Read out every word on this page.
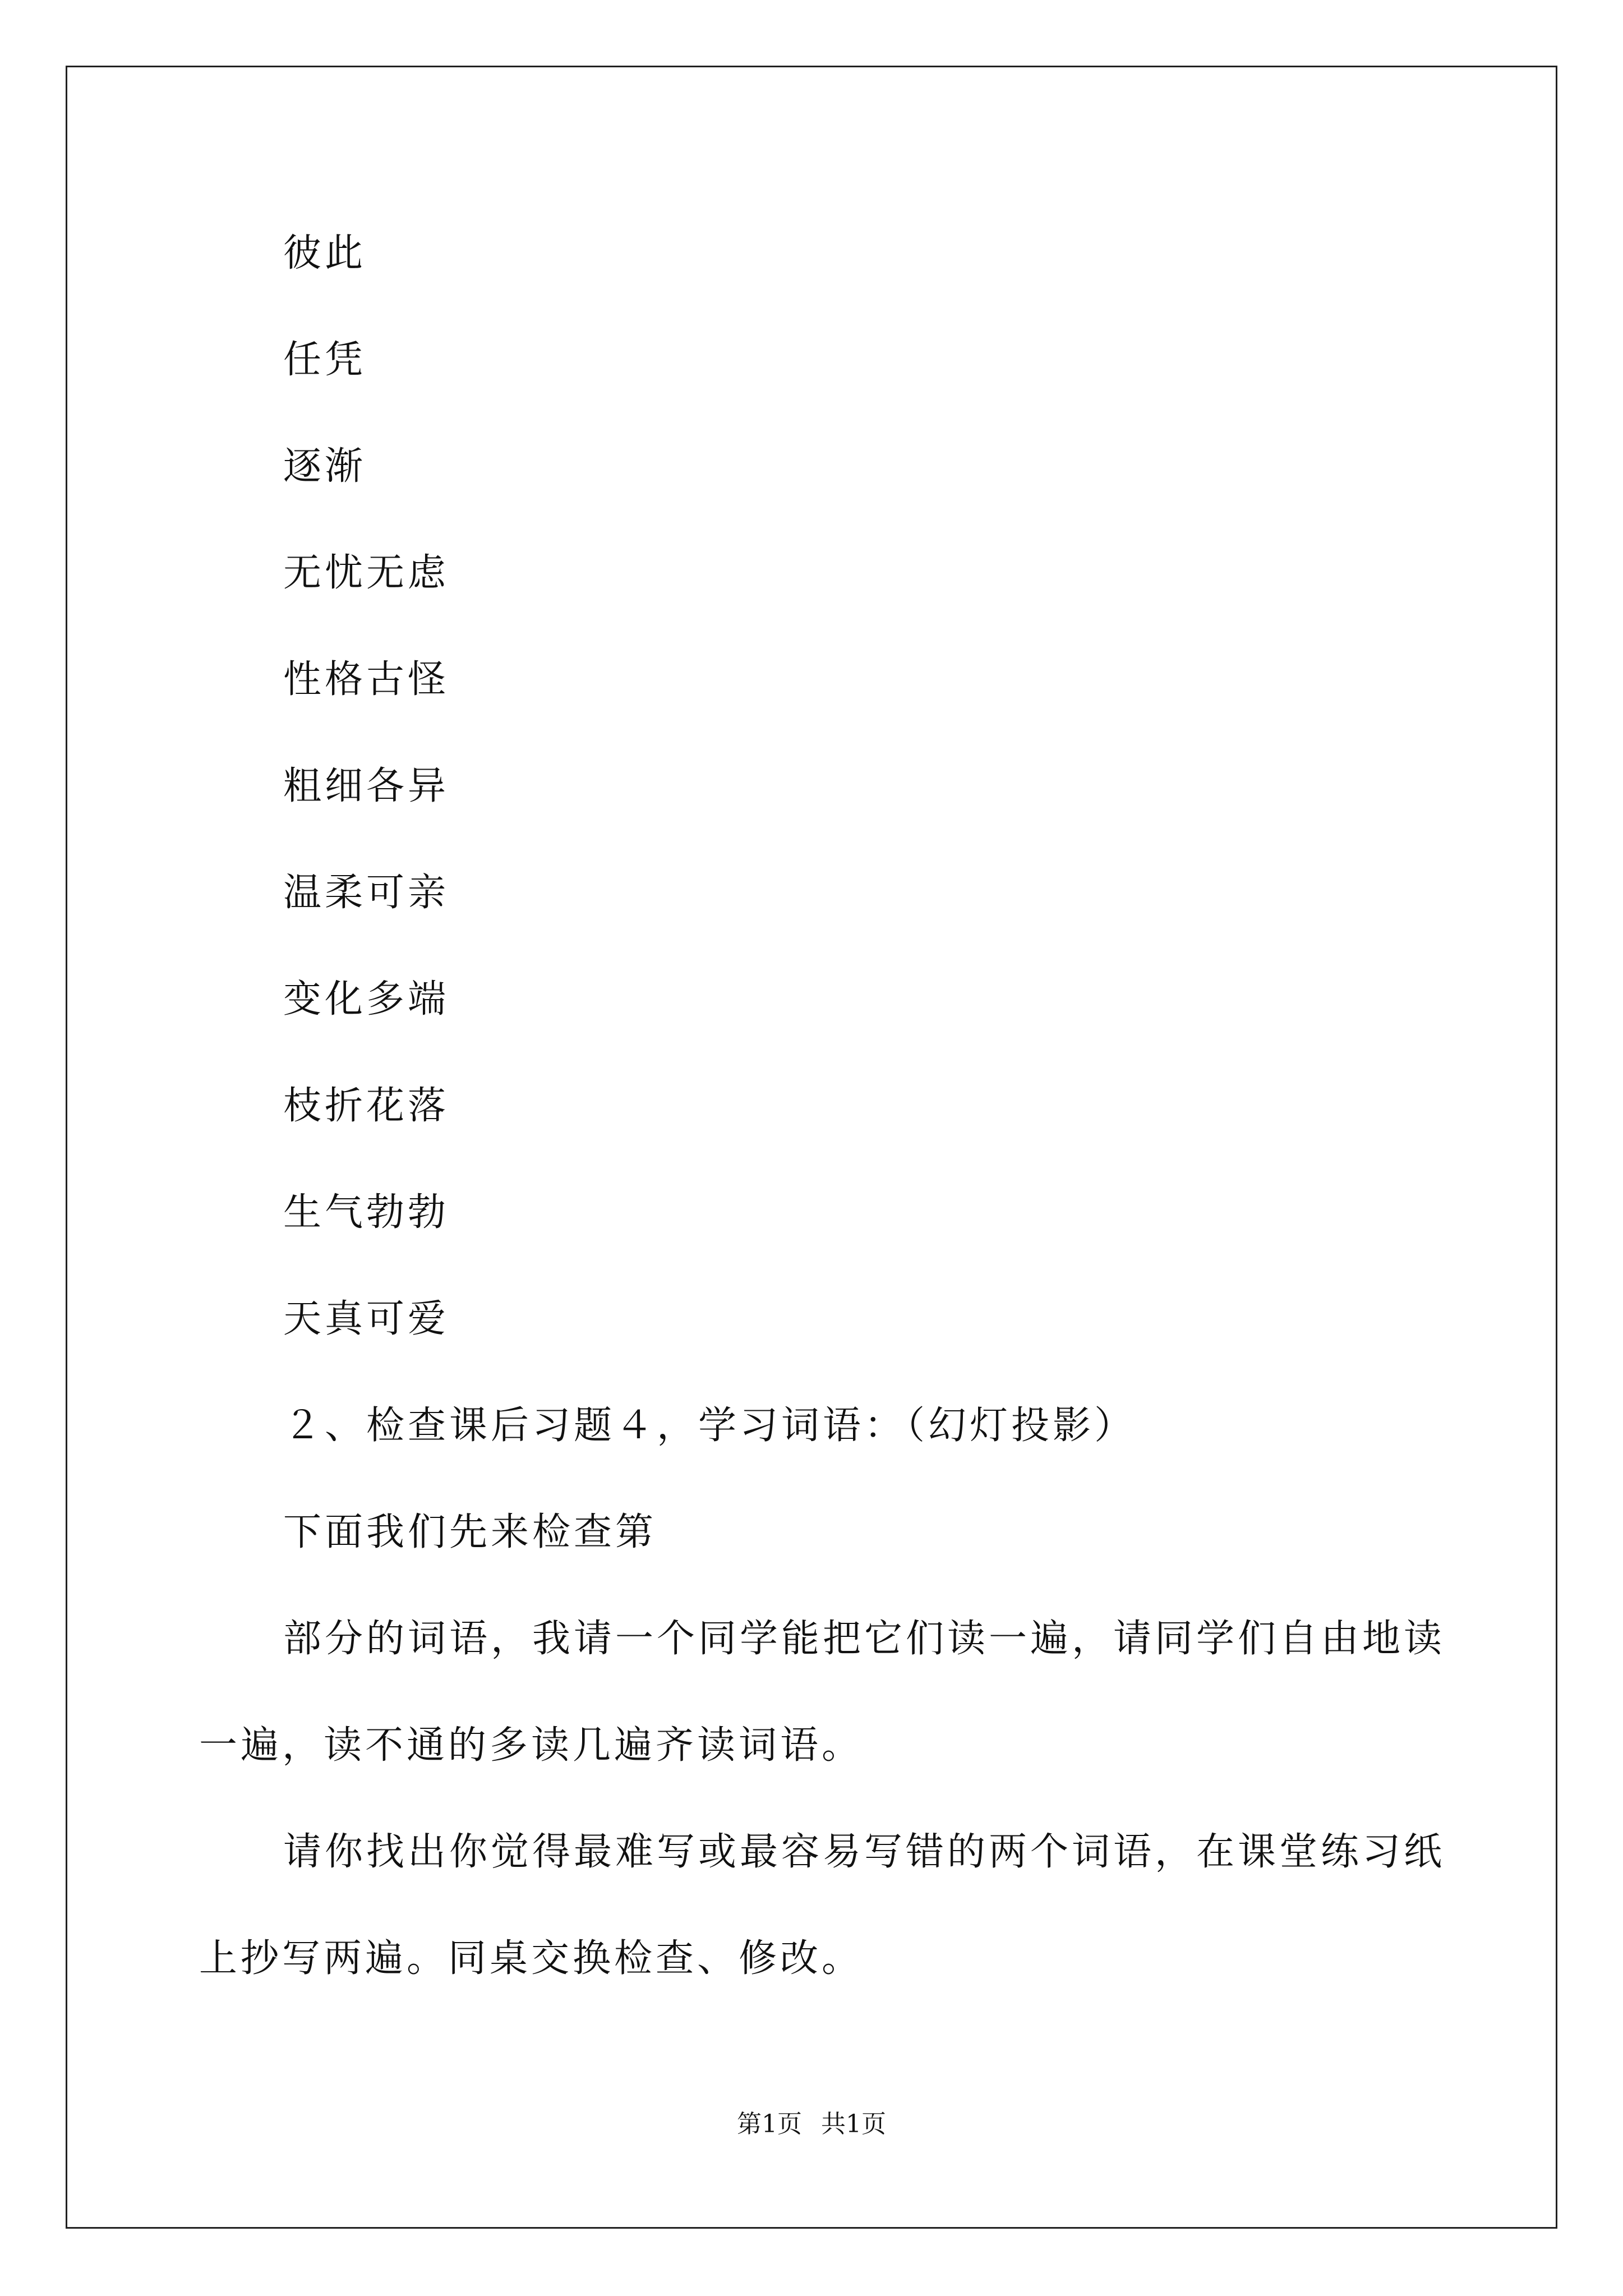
彼此
任凭
逐渐
无忧无虑
性格古怪
粗细各异
温柔可亲
变化多端
枝折花落
生气勃勃
天真可爱
２、检查课后习题４，学习词语：（幻灯投影）
下面我们先来检查第
部分的词语，我请一个同学能把它们读一遍，请同学们自由地读
一遍，读不通的多读几遍齐读词语。
请你找出你觉得最难写或最容易写错的两个词语，在课堂练习纸
上抄写两遍。同桌交换检查、修改。
第1页 共1页
